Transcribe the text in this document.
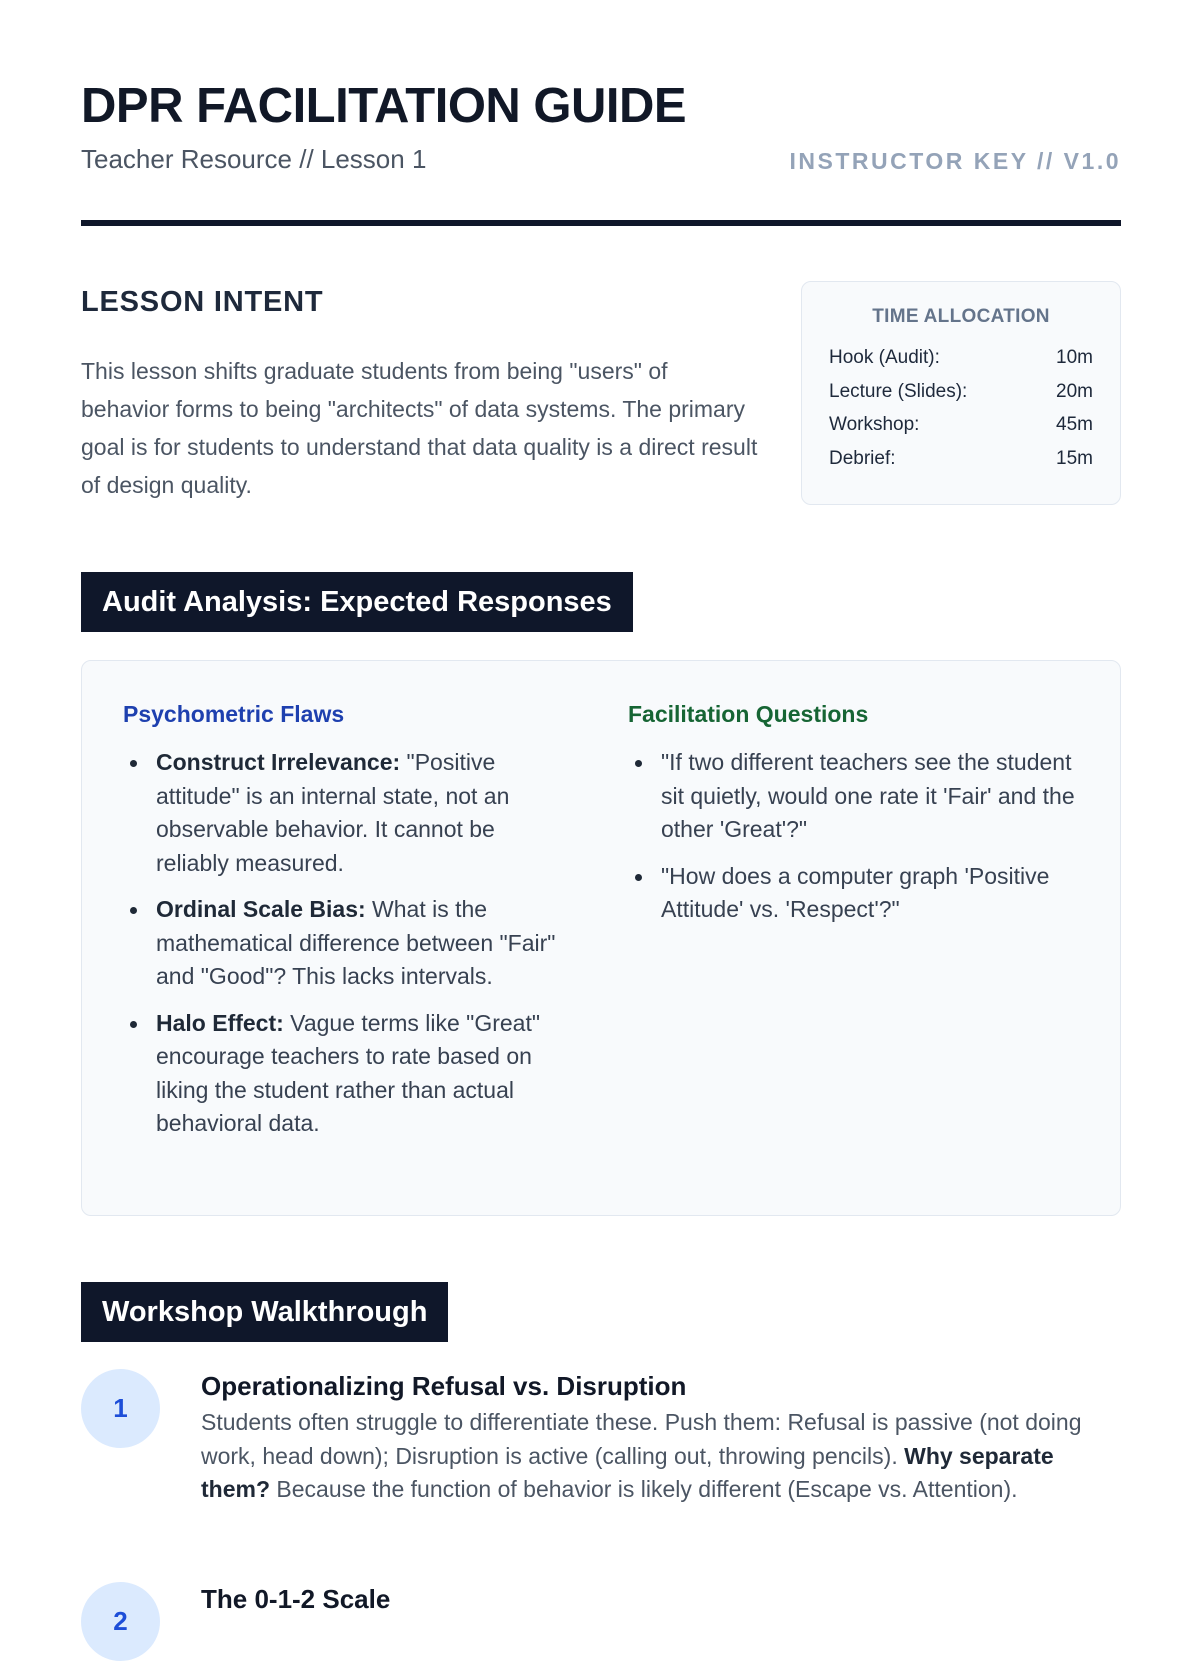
DPR FACILITATION GUIDE
Teacher Resource // Lesson 1	INSTRUCTOR KEY // V1.0
LESSON INTENT

This lesson shifts graduate students from being "users" of behavior forms to being "architects" of data systems. The primary goal is for students to understand that data quality is a direct result of design quality.

TIME ALLOCATION
Hook (Audit):	10m
Lecture (Slides):	20m
Workshop:	45m
Debrief:	15m
Audit Analysis: Expected Responses
Psychometric Flaws
Construct Irrelevance: "Positive attitude" is an internal state, not an observable behavior. It cannot be reliably measured.
Ordinal Scale Bias: What is the mathematical difference between "Fair" and "Good"? This lacks intervals.
Halo Effect: Vague terms like "Great" encourage teachers to rate based on liking the student rather than actual behavioral data.
Facilitation Questions
"If two different teachers see the student sit quietly, would one rate it 'Fair' and the other 'Great'?"
"How does a computer graph 'Positive Attitude' vs. 'Respect'?"
Workshop Walkthrough
1
Operationalizing Refusal vs. Disruption

Students often struggle to differentiate these. Push them: Refusal is passive (not doing work, head down); Disruption is active (calling out, throwing pencils). Why separate them? Because the function of behavior is likely different (Escape vs. Attention).

2
The 0-1-2 Scale
